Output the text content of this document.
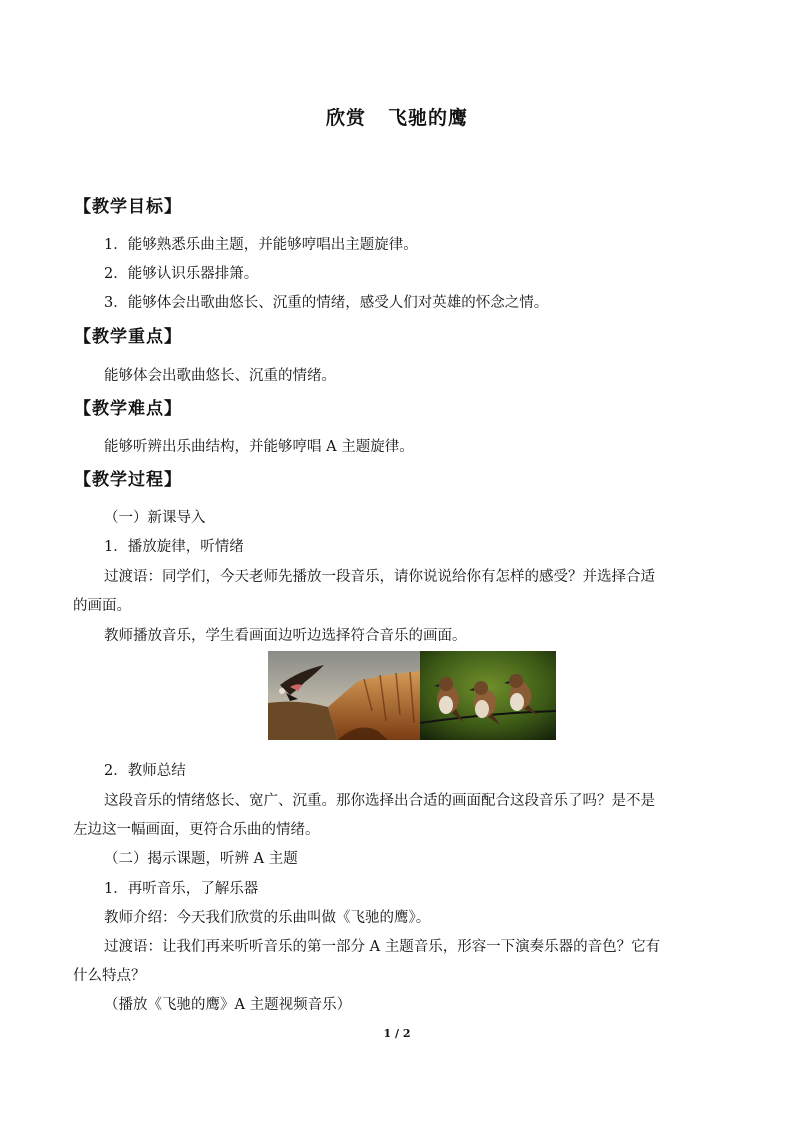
欣赏 飞驰的鹰
【教学目标】
1．能够熟悉乐曲主题，并能够哼唱出主题旋律。
2．能够认识乐器排箫。
3．能够体会出歌曲悠长、沉重的情绪，感受人们对英雄的怀念之情。
【教学重点】
能够体会出歌曲悠长、沉重的情绪。
【教学难点】
能够听辨出乐曲结构，并能够哼唱 A 主题旋律。
【教学过程】
（一）新课导入
1．播放旋律，听情绪
过渡语：同学们，今天老师先播放一段音乐，请你说说给你有怎样的感受？并选择合适
的画面。
教师播放音乐，学生看画面边听边选择符合音乐的画面。
2．教师总结
这段音乐的情绪悠长、宽广、沉重。那你选择出合适的画面配合这段音乐了吗？是不是
左边这一幅画面，更符合乐曲的情绪。
（二）揭示课题，听辨 A 主题
1．再听音乐，了解乐器
教师介绍：今天我们欣赏的乐曲叫做《飞驰的鹰》。
过渡语：让我们再来听听音乐的第一部分 A 主题音乐，形容一下演奏乐器的音色？它有
什么特点？
（播放《飞驰的鹰》A 主题视频音乐）
1 / 2
